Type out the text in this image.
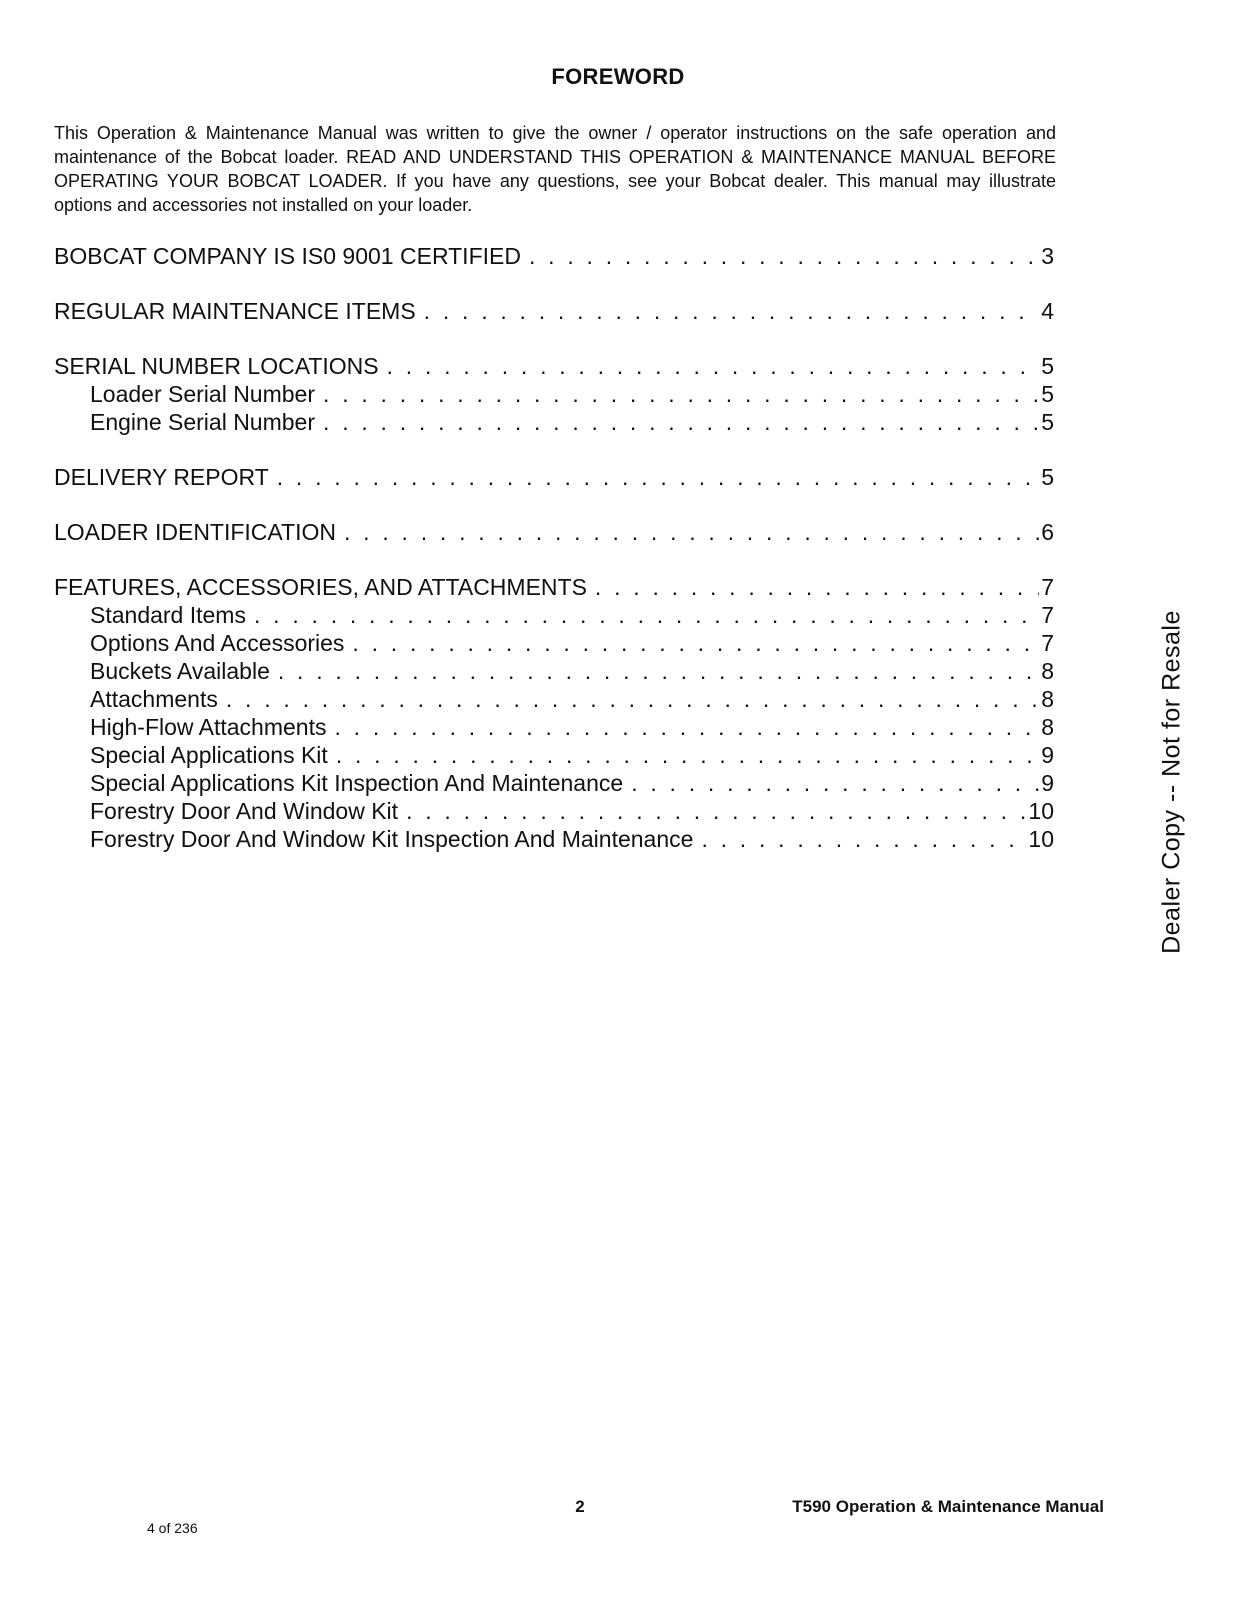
FOREWORD

This Operation & Maintenance Manual was written to give the owner / operator instructions on the safe operation and maintenance of the Bobcat loader. READ AND UNDERSTAND THIS OPERATION & MAINTENANCE MANUAL BEFORE OPERATING YOUR BOBCAT LOADER. If you have any questions, see your Bobcat dealer. This manual may illustrate options and accessories not installed on your loader.

BOBCAT COMPANY IS IS0 9001 CERTIFIED . . .	3
REGULAR MAINTENANCE ITEMS . . .	4
SERIAL NUMBER LOCATIONS . . .	5
Loader Serial Number . . .	5
Engine Serial Number . . .	5
DELIVERY REPORT . . .	5
LOADER IDENTIFICATION . . .	6
FEATURES, ACCESSORIES, AND ATTACHMENTS . . .	7
Standard Items . . .	7
Options And Accessories . . .	7
Buckets Available . . .	8
Attachments . . .	8
High-Flow Attachments . . .	8
Special Applications Kit . . .	9
Special Applications Kit Inspection And Maintenance . . .	9
Forestry Door And Window Kit . . .	10
Forestry Door And Window Kit Inspection And Maintenance . . .	10	Dealer Copy -- Not for Resale
2	T590 Operation & Maintenance Manual
4 of 236
